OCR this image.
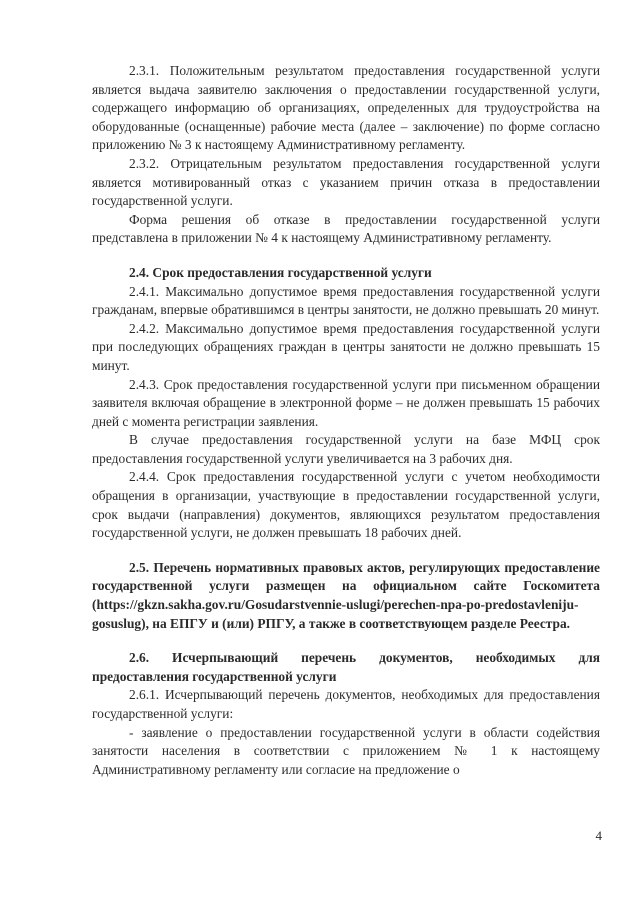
2.3.1. Положительным результатом предоставления государственной услуги является выдача заявителю заключения о предоставлении государственной услуги, содержащего информацию об организациях, определенных для трудоустройства на оборудованные (оснащенные) рабочие места (далее – заключение) по форме согласно приложению № 3 к настоящему Административному регламенту.

2.3.2. Отрицательным результатом предоставления государственной услуги является мотивированный отказ с указанием причин отказа в предоставлении государственной услуги.

Форма решения об отказе в предоставлении государственной услуги представлена в приложении № 4 к настоящему Административному регламенту.

2.4. Срок предоставления государственной услуги

2.4.1. Максимально допустимое время предоставления государственной услуги гражданам, впервые обратившимся в центры занятости, не должно превышать 20 минут.

2.4.2. Максимально допустимое время предоставления государственной услуги при последующих обращениях граждан в центры занятости не должно превышать 15 минут.

2.4.3. Срок предоставления государственной услуги при письменном обращении заявителя включая обращение в электронной форме – не должен превышать 15 рабочих дней с момента регистрации заявления.

В случае предоставления государственной услуги на базе МФЦ срок предоставления государственной услуги увеличивается на 3 рабочих дня.

2.4.4. Срок предоставления государственной услуги с учетом необходимости обращения в организации, участвующие в предоставлении государственной услуги, срок выдачи (направления) документов, являющихся результатом предоставления государственной услуги, не должен превышать 18 рабочих дней.

2.5. Перечень нормативных правовых актов, регулирующих предоставление государственной услуги размещен на официальном сайте Госкомитета (https://gkzn.sakha.gov.ru/Gosudarstvennie-uslugi/perechen-npa-po-predostavleniju-gosuslug), на ЕПГУ и (или) РПГУ, а также в соответствующем разделе Реестра.

2.6. Исчерпывающий перечень документов, необходимых для предоставления государственной услуги

2.6.1. Исчерпывающий перечень документов, необходимых для предоставления государственной услуги:

- заявление о предоставлении государственной услуги в области содействия занятости населения в соответствии с приложением № 1 к настоящему Административному регламенту или согласие на предложение о

4
